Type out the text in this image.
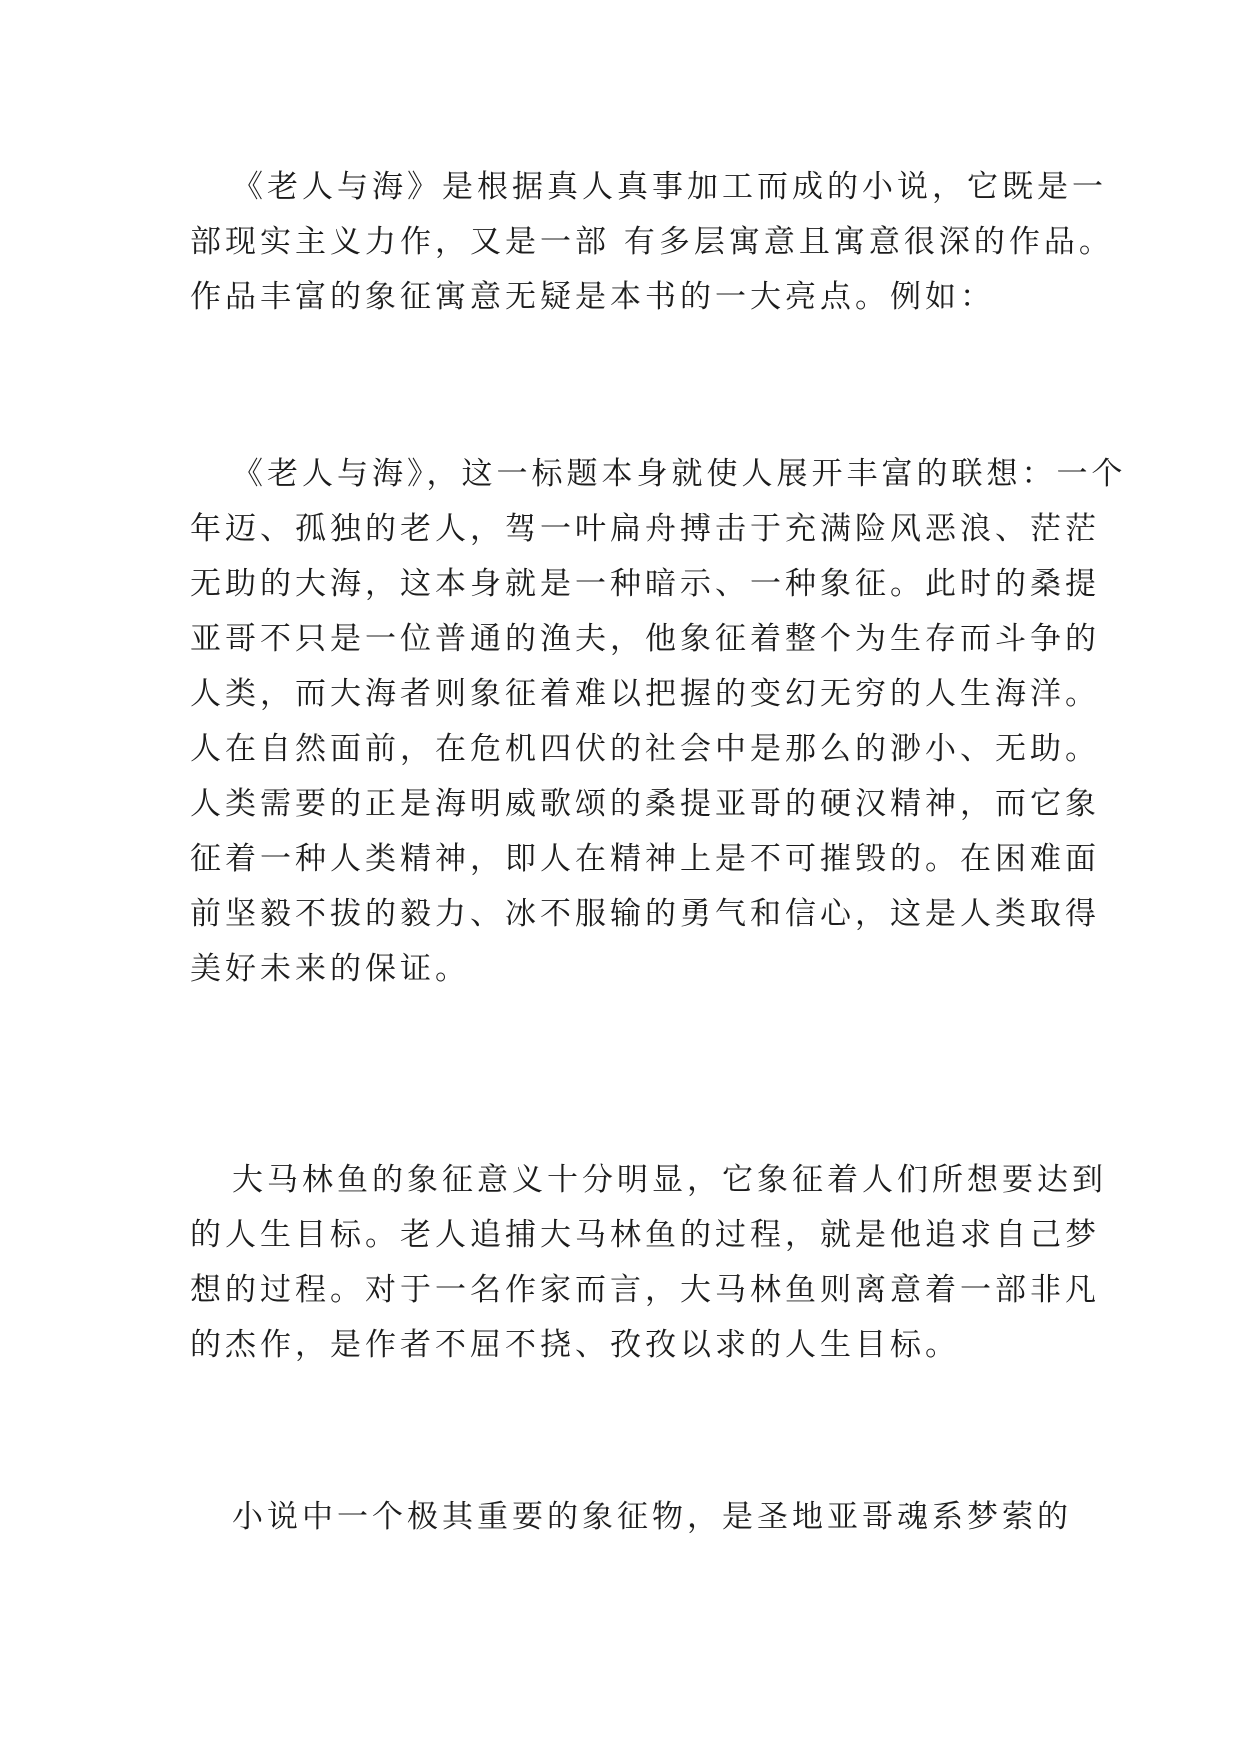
《老人与海》是根据真人真事加工而成的小说，它既是一
部现实主义力作，又是一部 有多层寓意且寓意很深的作品。
作品丰富的象征寓意无疑是本书的一大亮点。例如：

《老人与海》，这一标题本身就使人展开丰富的联想：一个
年迈、孤独的老人，驾一叶扁舟搏击于充满险风恶浪、茫茫
无助的大海，这本身就是一种暗示、一种象征。此时的桑提
亚哥不只是一位普通的渔夫，他象征着整个为生存而斗争的
人类，而大海者则象征着难以把握的变幻无穷的人生海洋。
人在自然面前，在危机四伏的社会中是那么的渺小、无助。
人类需要的正是海明威歌颂的桑提亚哥的硬汉精神，而它象
征着一种人类精神，即人在精神上是不可摧毁的。在困难面
前坚毅不拔的毅力、冰不服输的勇气和信心，这是人类取得
美好未来的保证。

大马林鱼的象征意义十分明显，它象征着人们所想要达到
的人生目标。老人追捕大马林鱼的过程，就是他追求自己梦
想的过程。对于一名作家而言，大马林鱼则离意着一部非凡
的杰作，是作者不屈不挠、孜孜以求的人生目标。

小说中一个极其重要的象征物，是圣地亚哥魂系梦萦的
